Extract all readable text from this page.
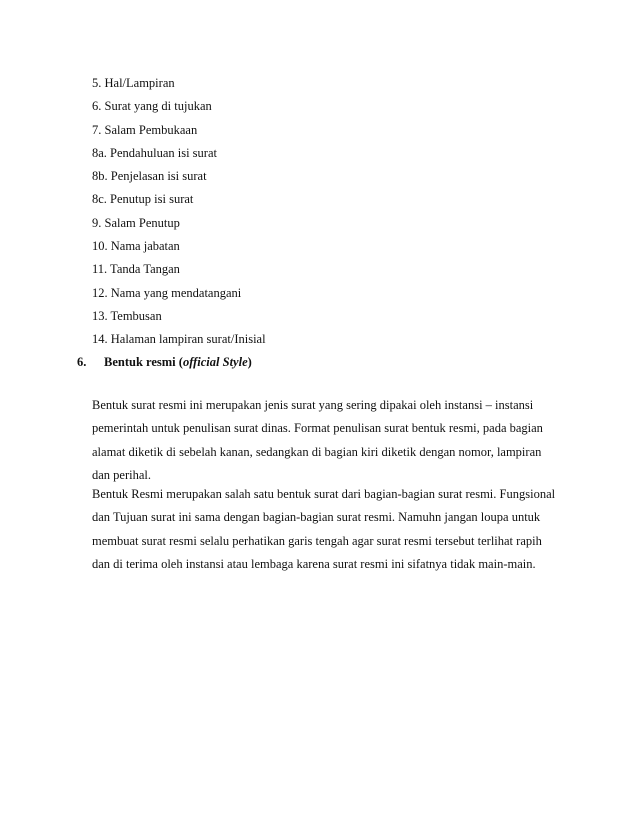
5. Hal/Lampiran
6. Surat yang di tujukan
7. Salam Pembukaan
8a. Pendahuluan isi surat
8b. Penjelasan isi surat
8c. Penutup isi surat
9. Salam Penutup
10. Nama jabatan
11. Tanda Tangan
12. Nama yang mendatangani
13. Tembusan
14. Halaman lampiran surat/Inisial
6. Bentuk resmi (official Style)

Bentuk surat resmi ini merupakan jenis surat yang sering dipakai oleh instansi – instansi
pemerintah untuk penulisan surat dinas. Format penulisan surat bentuk resmi, pada bagian
alamat diketik di sebelah kanan, sedangkan di bagian kiri diketik dengan nomor, lampiran
dan perihal.

Bentuk Resmi merupakan salah satu bentuk surat dari bagian-bagian surat resmi. Fungsional
dan Tujuan surat ini sama dengan bagian-bagian surat resmi. Namuhn jangan loupa untuk
membuat surat resmi selalu perhatikan garis tengah agar surat resmi tersebut terlihat rapih
dan di terima oleh instansi atau lembaga karena surat resmi ini sifatnya tidak main-main.
